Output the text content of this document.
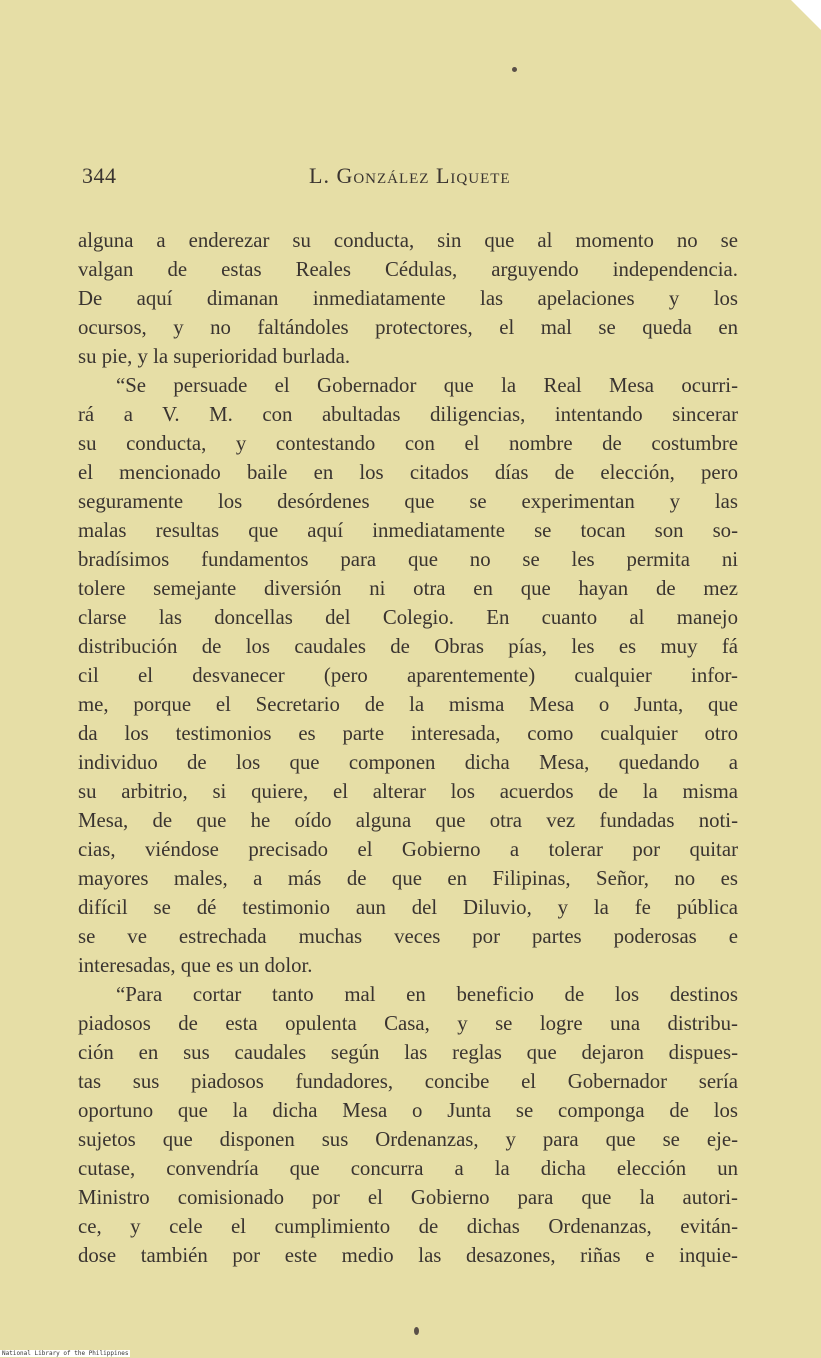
344	L. González Liquete
alguna a enderezar su conducta, sin que al momento no se
valgan de estas Reales Cédulas, arguyendo independencia.
De aquí dimanan inmediatamente las apelaciones y los
ocursos, y no faltándoles protectores, el mal se queda en
su pie, y la superioridad burlada.
“Se persuade el Gobernador que la Real Mesa ocurri-
rá a V. M. con abultadas diligencias, intentando sincerar
su conducta, y contestando con el nombre de costumbre
el mencionado baile en los citados días de elección, pero
seguramente los desórdenes que se experimentan y las
malas resultas que aquí inmediatamente se tocan son so-
bradísimos fundamentos para que no se les permita ni
tolere semejante diversión ni otra en que hayan de mez
clarse las doncellas del Colegio. En cuanto al manejo
distribución de los caudales de Obras pías, les es muy fá
cil el desvanecer (pero aparentemente) cualquier infor-
me, porque el Secretario de la misma Mesa o Junta, que
da los testimonios es parte interesada, como cualquier otro
individuo de los que componen dicha Mesa, quedando a
su arbitrio, si quiere, el alterar los acuerdos de la misma
Mesa, de que he oído alguna que otra vez fundadas noti-
cias, viéndose precisado el Gobierno a tolerar por quitar
mayores males, a más de que en Filipinas, Señor, no es
difícil se dé testimonio aun del Diluvio, y la fe pública
se ve estrechada muchas veces por partes poderosas e
interesadas, que es un dolor.
“Para cortar tanto mal en beneficio de los destinos
piadosos de esta opulenta Casa, y se logre una distribu-
ción en sus caudales según las reglas que dejaron dispues-
tas sus piadosos fundadores, concibe el Gobernador sería
oportuno que la dicha Mesa o Junta se componga de los
sujetos que disponen sus Ordenanzas, y para que se eje-
cutase, convendría que concurra a la dicha elección un
Ministro comisionado por el Gobierno para que la autori-
ce, y cele el cumplimiento de dichas Ordenanzas, evitán-
dose también por este medio las desazones, riñas e inquie-
National Library of the Philippines
